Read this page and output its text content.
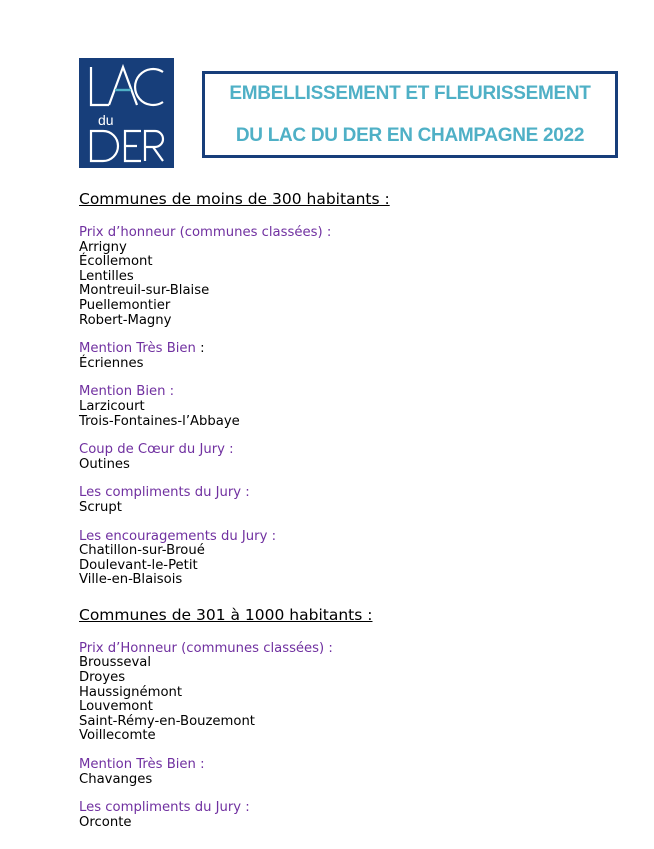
du
EMBELLISSEMENT ET FLEURISSEMENT
DU LAC DU DER EN CHAMPAGNE 2022
Communes de moins de 300 habitants :
Prix d’honneur (communes classées) :
Arrigny
Écollemont
Lentilles
Montreuil-sur-Blaise
Puellemontier
Robert-Magny
Mention Très Bien :
Écriennes
Mention Bien :
Larzicourt
Trois-Fontaines-l’Abbaye
Coup de Cœur du Jury :
Outines
Les compliments du Jury :
Scrupt
Les encouragements du Jury :
Chatillon-sur-Broué
Doulevant-le-Petit
Ville-en-Blaisois
Communes de 301 à 1000 habitants :
Prix d’Honneur (communes classées) :
Brousseval
Droyes
Haussignémont
Louvemont
Saint-Rémy-en-Bouzemont
Voillecomte
Mention Très Bien :
Chavanges
Les compliments du Jury :
Orconte
